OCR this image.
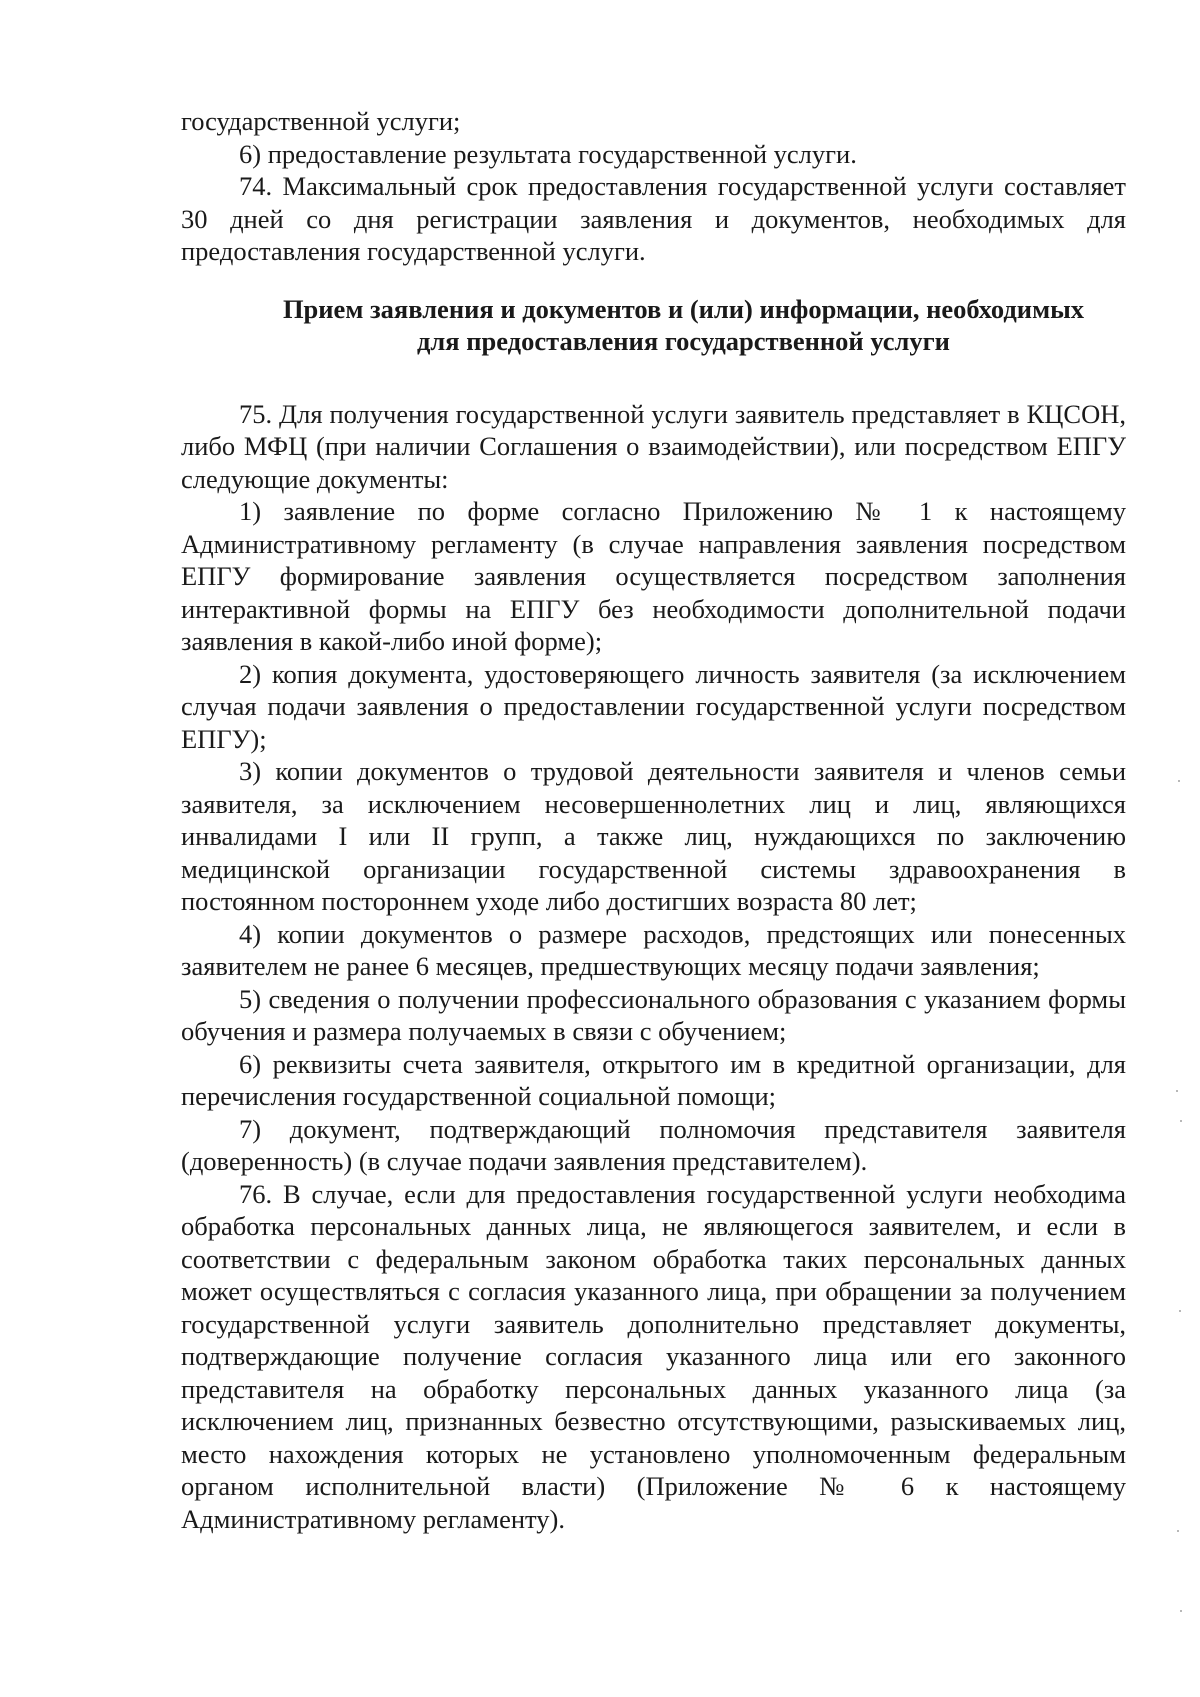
государственной услуги;

6) предоставление результата государственной услуги.

74. Максимальный срок предоставления государственной услуги составляет 30 дней со дня регистрации заявления и документов, необходимых для предоставления государственной услуги.

Прием заявления и документов и (или) информации, необходимых
для предоставления государственной услуги

75. Для получения государственной услуги заявитель представляет в КЦСОН, либо МФЦ (при наличии Соглашения о взаимодействии), или посредством ЕПГУ следующие документы:

1) заявление по форме согласно Приложению № 1 к настоящему Административному регламенту (в случае направления заявления посредством ЕПГУ формирование заявления осуществляется посредством заполнения интерактивной формы на ЕПГУ без необходимости дополнительной подачи заявления в какой-либо иной форме);

2) копия документа, удостоверяющего личность заявителя (за исключением случая подачи заявления о предоставлении государственной услуги посредством ЕПГУ);

3) копии документов о трудовой деятельности заявителя и членов семьи заявителя, за исключением несовершеннолетних лиц и лиц, являющихся инвалидами I или II групп, а также лиц, нуждающихся по заключению медицинской организации государственной системы здравоохранения в постоянном постороннем уходе либо достигших возраста 80 лет;

4) копии документов о размере расходов, предстоящих или понесенных заявителем не ранее 6 месяцев, предшествующих месяцу подачи заявления;

5) сведения о получении профессионального образования с указанием формы обучения и размера получаемых в связи с обучением;

6) реквизиты счета заявителя, открытого им в кредитной организации, для перечисления государственной социальной помощи;

7) документ, подтверждающий полномочия представителя заявителя (доверенность) (в случае подачи заявления представителем).

76. В случае, если для предоставления государственной услуги необходима обработка персональных данных лица, не являющегося заявителем, и если в соответствии с федеральным законом обработка таких персональных данных может осуществляться с согласия указанного лица, при обращении за получением государственной услуги заявитель дополнительно представляет документы, подтверждающие получение согласия указанного лица или его законного представителя на обработку персональных данных указанного лица (за исключением лиц, признанных безвестно отсутствующими, разыскиваемых лиц, место нахождения которых не установлено уполномоченным федеральным органом исполнительной власти) (Приложение № 6 к настоящему Административному регламенту).
